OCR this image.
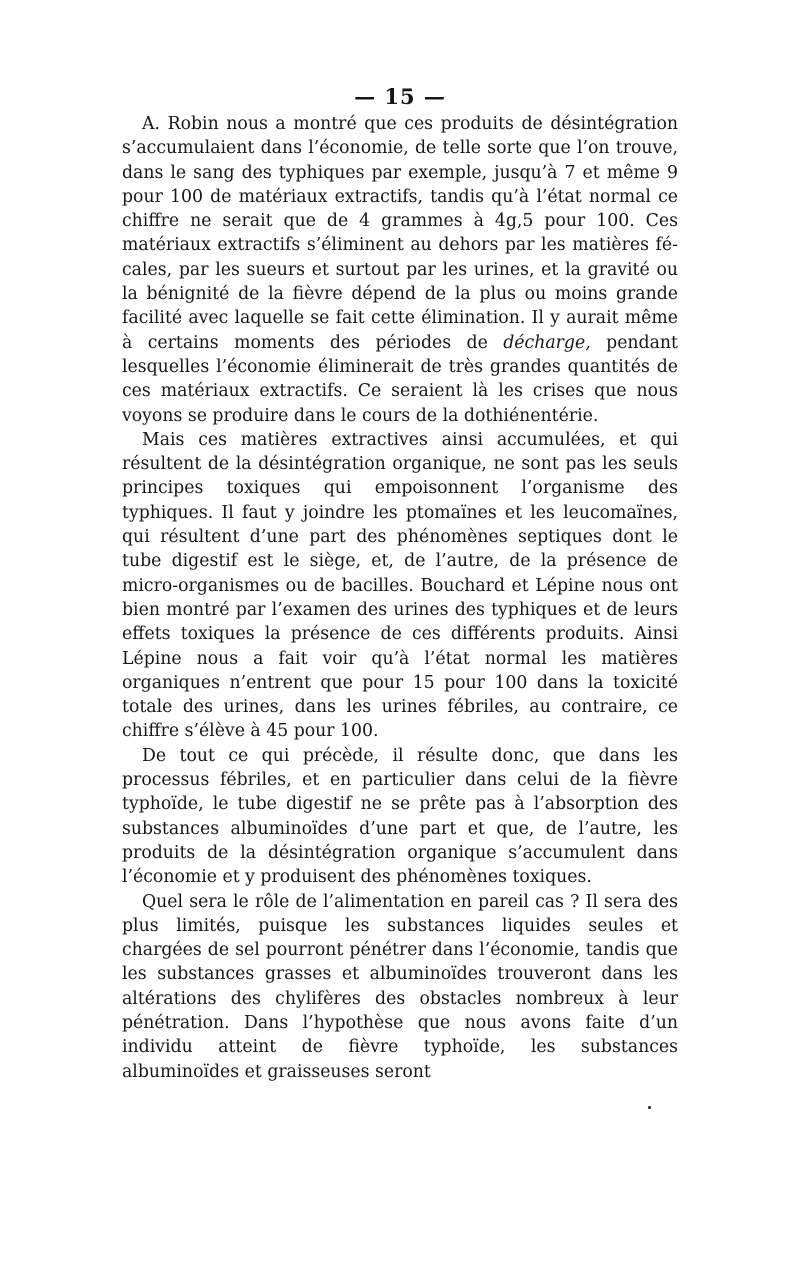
— 15 —

A. Robin nous a montré que ces produits de désintégration s’accumulaient dans l’économie, de telle sorte que l’on trouve, dans le sang des typhiques par exemple, jusqu’à 7 et même 9 pour 100 de matériaux extractifs, tandis qu’à l’état normal ce chiffre ne serait que de 4 grammes à 4g,5 pour 100. Ces matériaux extractifs s’éliminent au dehors par les matières fécales, par les sueurs et surtout par les urines, et la gravité ou la bénignité de la fièvre dépend de la plus ou moins grande facilité avec laquelle se fait cette élimination. Il y aurait même à certains moments des périodes de décharge, pendant lesquelles l’économie éliminerait de très grandes quantités de ces matériaux extractifs. Ce seraient là les crises que nous voyons se produire dans le cours de la dothiénentérie.

Mais ces matières extractives ainsi accumulées, et qui résultent de la désintégration organique, ne sont pas les seuls principes toxiques qui empoisonnent l’organisme des typhiques. Il faut y joindre les ptomaïnes et les leucomaïnes, qui résultent d’une part des phénomènes septiques dont le tube digestif est le siège, et, de l’autre, de la présence de micro-organismes ou de bacilles. Bouchard et Lépine nous ont bien montré par l’examen des urines des typhiques et de leurs effets toxiques la présence de ces différents produits. Ainsi Lépine nous a fait voir qu’à l’état normal les matières organiques n’entrent que pour 15 pour 100 dans la toxicité totale des urines, dans les urines fébriles, au contraire, ce chiffre s’élève à 45 pour 100.

De tout ce qui précède, il résulte donc, que dans les processus fébriles, et en particulier dans celui de la fièvre typhoïde, le tube digestif ne se prête pas à l’absorption des substances albuminoïdes d’une part et que, de l’autre, les produits de la désintégration organique s’accumulent dans l’économie et y produisent des phénomènes toxiques.

Quel sera le rôle de l’alimentation en pareil cas ? Il sera des plus limités, puisque les substances liquides seules et chargées de sel pourront pénétrer dans l’économie, tandis que les substances grasses et albuminoïdes trouveront dans les altérations des chylifères des obstacles nombreux à leur pénétration. Dans l’hypothèse que nous avons faite d’un individu atteint de fièvre typhoïde, les substances albuminoïdes et graisseuses seront
